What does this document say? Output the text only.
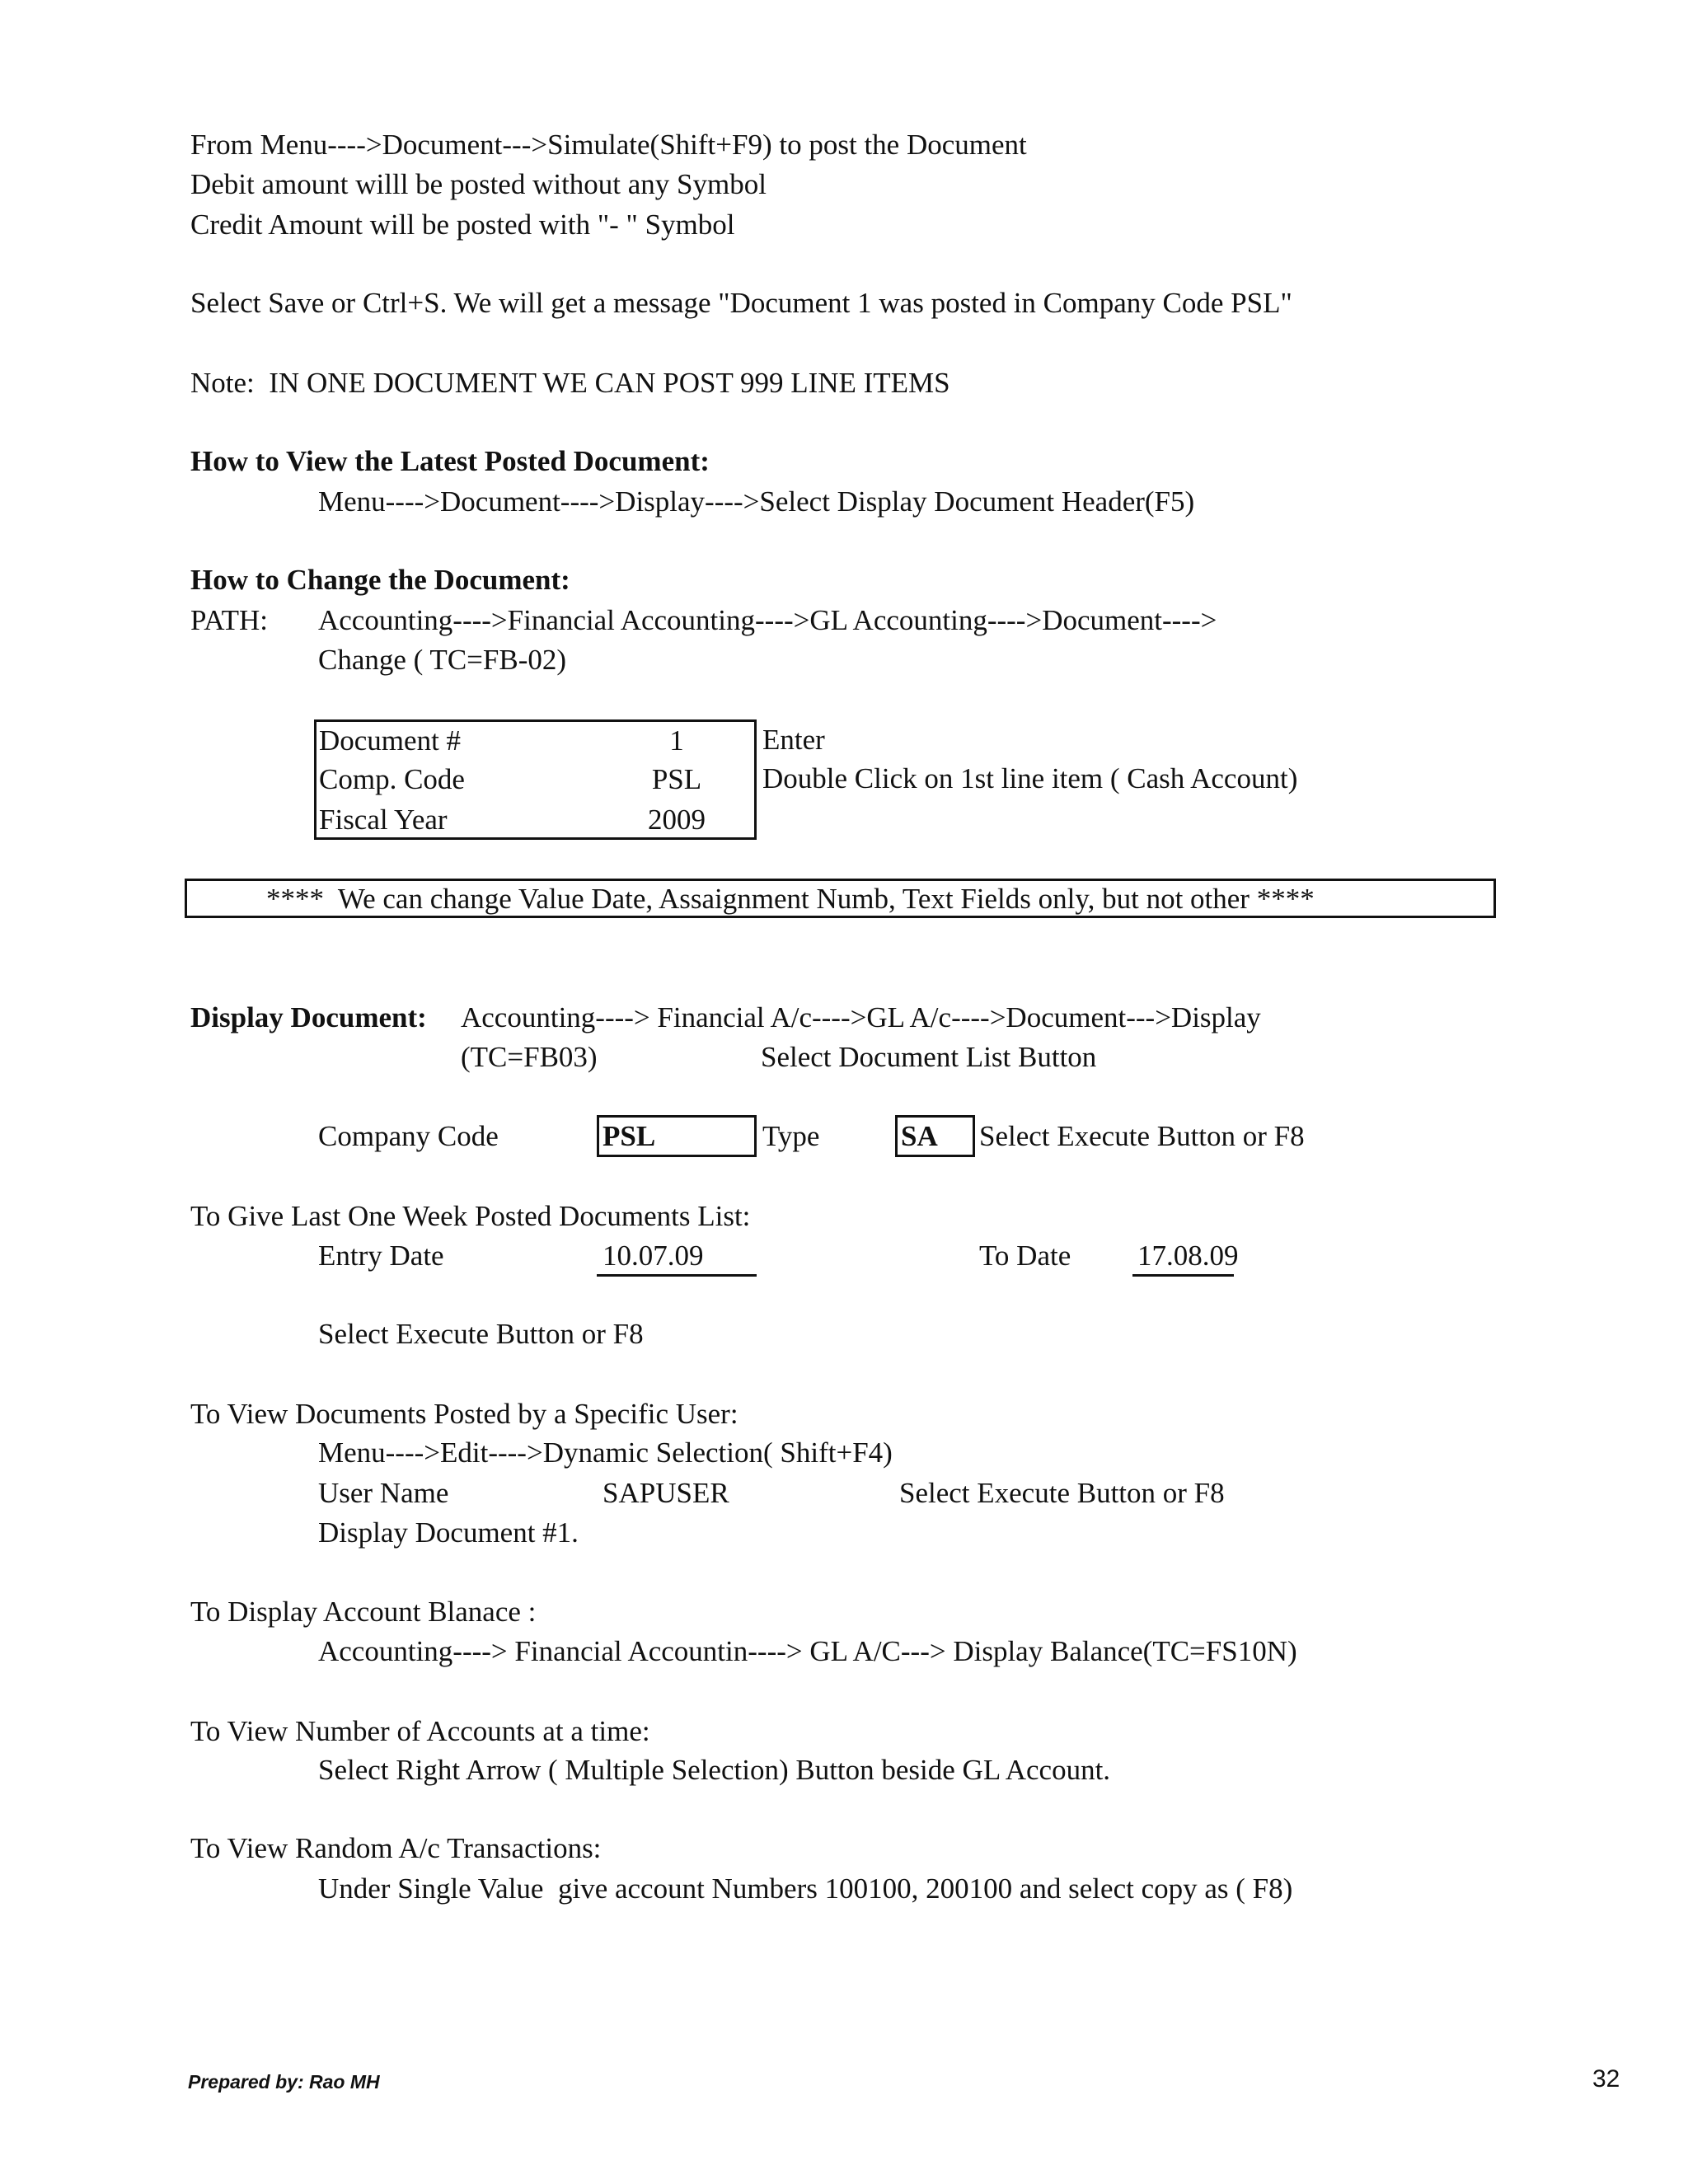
From Menu---->Document--->Simulate(Shift+F9) to post the Document
Debit amount willl be posted without any Symbol
Credit Amount will be posted with "- " Symbol
Select Save or Ctrl+S. We will get a message "Document 1 was posted in Company Code PSL"
Note:  IN ONE DOCUMENT WE CAN POST 999 LINE ITEMS
How to View the Latest Posted Document:
Menu---->Document---->Display---->Select Display Document Header(F5)
How to Change the Document:
PATH: Accounting---->Financial Accounting---->GL Accounting---->Document---->
Change ( TC=FB-02)
Document #	1
Comp. Code	PSL
Fiscal Year	2009
Enter
Double Click on 1st line item ( Cash Account)
****  We can change Value Date, Assaignment Numb, Text Fields only, but not other ****
Display Document: Accounting----> Financial A/c---->GL A/c---->Document--->Display
(TC=FB03)	Select Document List Button
Company Code	PSL	Type	SA Select Execute Button or F8
To Give Last One Week Posted Documents List:
Entry Date	10.07.09	To Date 17.08.09
Select Execute Button or F8
To View Documents Posted by a Specific User:
Menu---->Edit---->Dynamic Selection( Shift+F4)
User Name	SAPUSER	Select Execute Button or F8
Display Document #1.
To Display Account Blanace :
Accounting----> Financial Accountin----> GL A/C---> Display Balance(TC=FS10N)
To View Number of Accounts at a time:
Select Right Arrow ( Multiple Selection) Button beside GL Account.
To View Random A/c Transactions:
Under Single Value  give account Numbers 100100, 200100 and select copy as ( F8)
Prepared by: Rao MH	32
